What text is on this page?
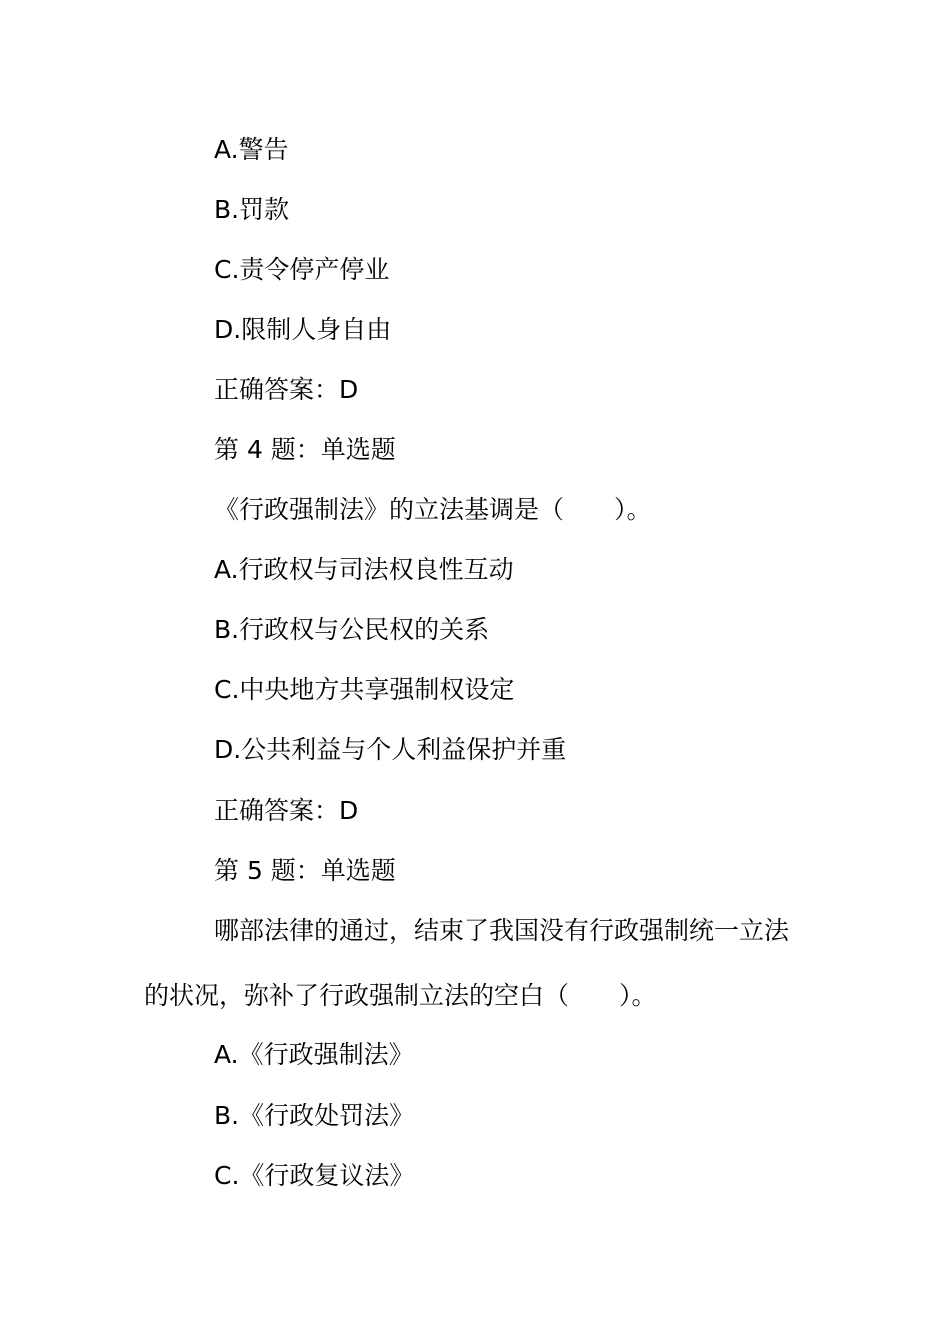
A.警告
B.罚款
C.责令停产停业
D.限制人身自由
正确答案：D
第 4 题：单选题
《行政强制法》的立法基调是（　　）。
A.行政权与司法权良性互动
B.行政权与公民权的关系
C.中央地方共享强制权设定
D.公共利益与个人利益保护并重
正确答案：D
第 5 题：单选题
哪部法律的通过，结束了我国没有行政强制统一立法
的状况，弥补了行政强制立法的空白（　　）。
A.《行政强制法》
B.《行政处罚法》
C.《行政复议法》
